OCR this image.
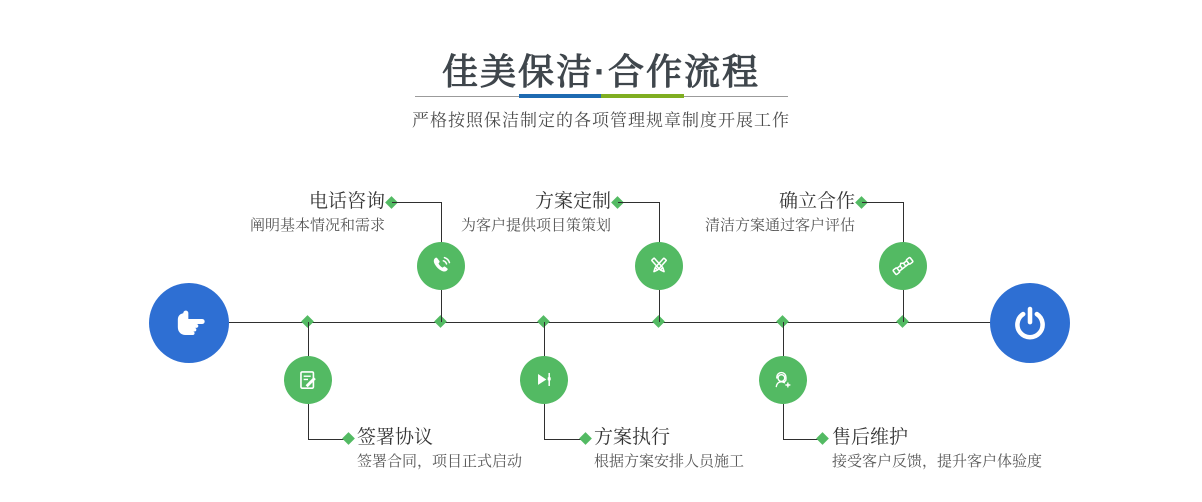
佳美保洁·合作流程
严格按照保洁制定的各项管理规章制度开展工作
电话咨询
阐明基本情况和需求
签署协议
签署合同，项目正式启动
方案定制
为客户提供项目策策划
方案执行
根据方案安排人员施工
确立合作
清洁方案通过客户评估
售后维护
接受客户反馈，提升客户体验度
